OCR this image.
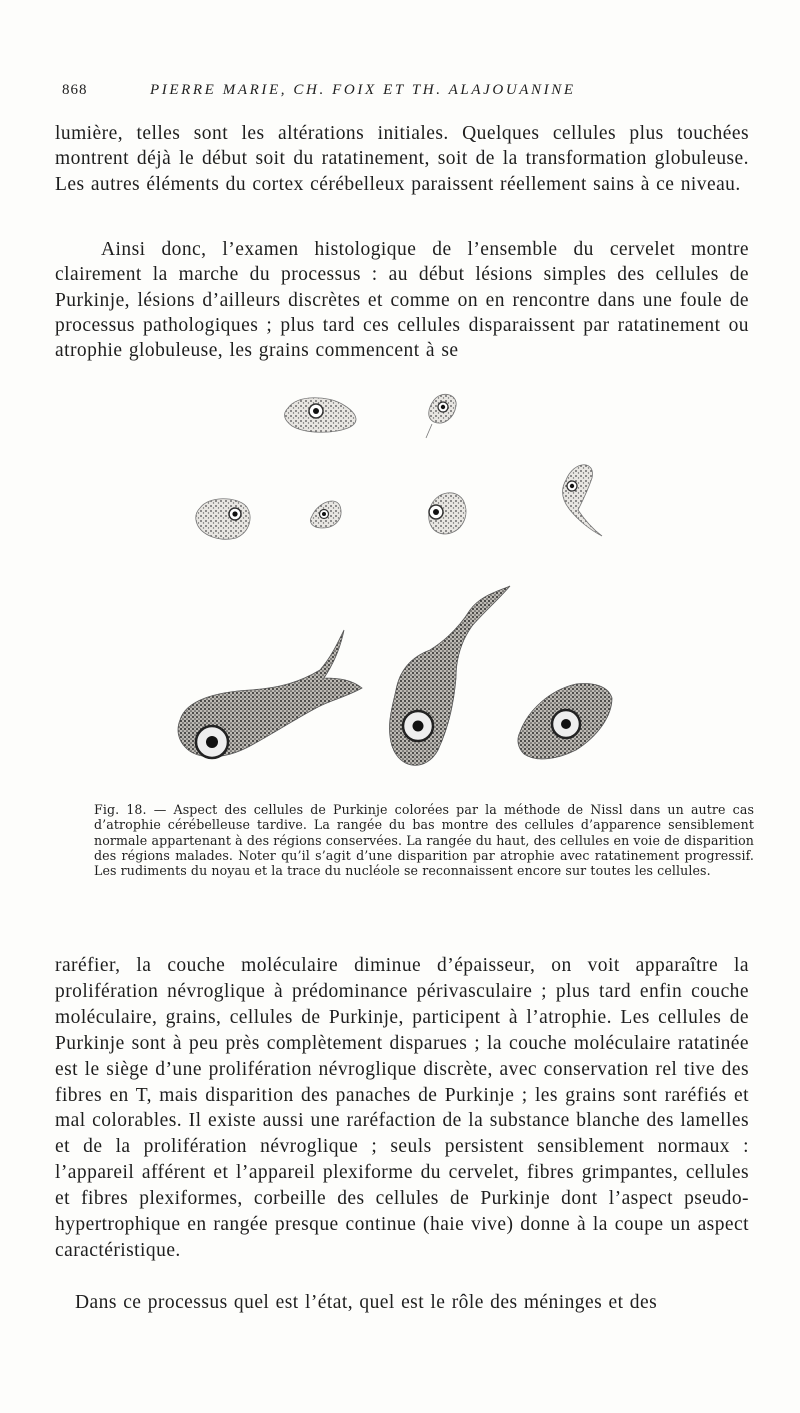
868	PIERRE MARIE, CH. FOIX ET TH. ALAJOUANINE

lumière, telles sont les altérations initiales. Quelques cellules plus touchées montrent déjà le début soit du ratatinement, soit de la transformation globuleuse. Les autres éléments du cortex cérébelleux paraissent réellement sains à ce niveau.

Ainsi donc, l’examen histologique de l’ensemble du cervelet montre clairement la marche du processus : au début lésions simples des cellules de Purkinje, lésions d’ailleurs discrètes et comme on en rencontre dans une foule de processus pathologiques ; plus tard ces cellules disparaissent par ratatinement ou atrophie globuleuse, les grains commencent à se

Fig. 18. — Aspect des cellules de Purkinje colorées par la méthode de Nissl dans un autre cas d’atrophie cérébelleuse tardive. La rangée du bas montre des cellules d’apparence sensiblement normale appartenant à des régions conservées. La rangée du haut, des cellules en voie de disparition des régions malades. Noter qu’il s’agit d’une disparition par atrophie avec ratatinement progressif. Les rudiments du noyau et la trace du nucléole se reconnaissent encore sur toutes les cellules.

raréfier, la couche moléculaire diminue d’épaisseur, on voit apparaître la prolifération névroglique à prédominance périvasculaire ; plus tard enfin couche moléculaire, grains, cellules de Purkinje, participent à l’atrophie. Les cellules de Purkinje sont à peu près complètement disparues ; la couche moléculaire ratatinée est le siège d’une prolifération névroglique discrète, avec conservation rel tive des fibres en T, mais disparition des panaches de Purkinje ; les grains sont raréfiés et mal colorables. Il existe aussi une raréfaction de la substance blanche des lamelles et de la prolifération névroglique ; seuls persistent sensiblement normaux : l’appareil afférent et l’appareil plexiforme du cervelet, fibres grimpantes, cellules et fibres plexiformes, corbeille des cellules de Purkinje dont l’aspect pseudo-hypertrophique en rangée presque continue (haie vive) donne à la coupe un aspect caractéristique.

Dans ce processus quel est l’état, quel est le rôle des méninges et des
